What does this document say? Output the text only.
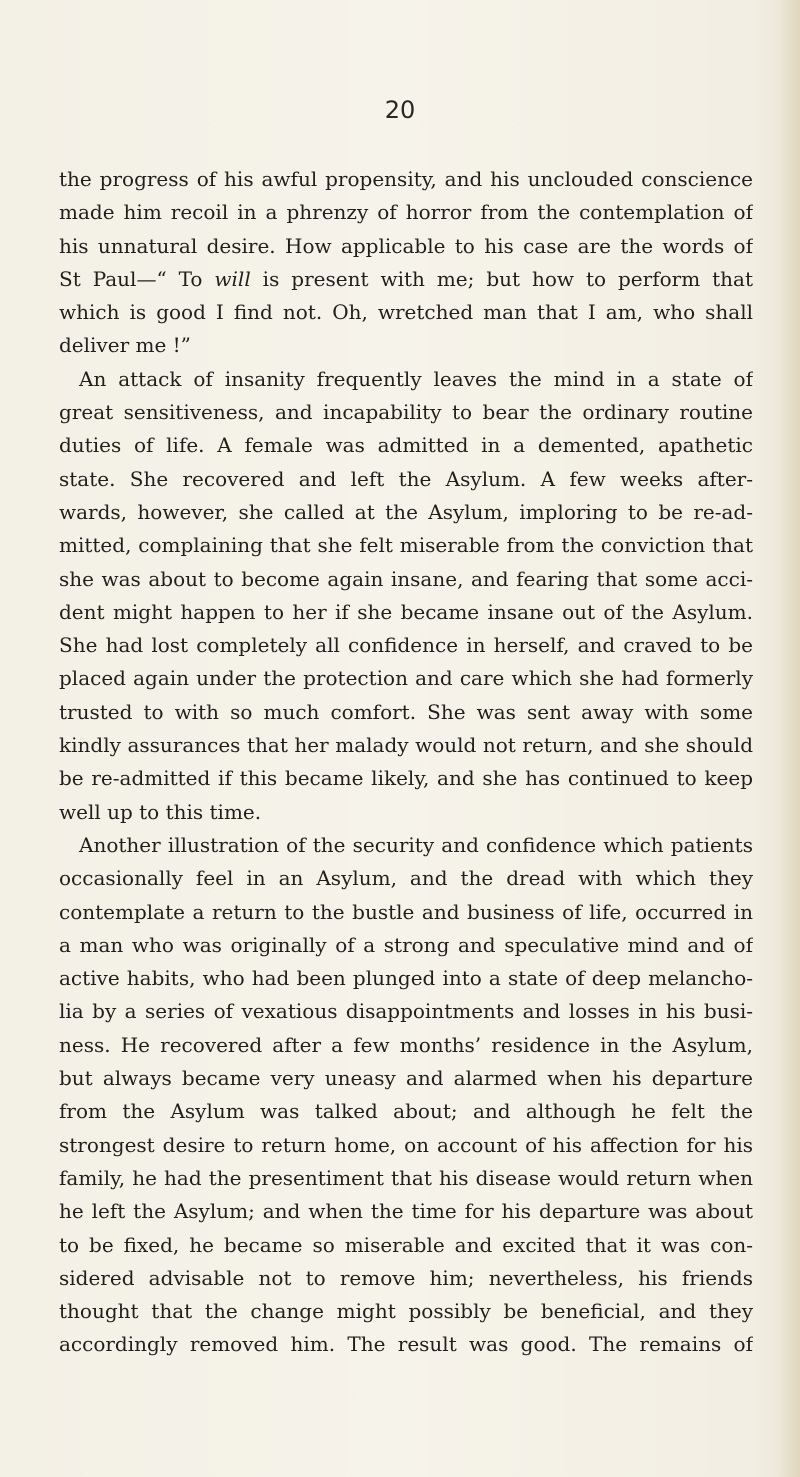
20
the progress of his awful propensity, and his unclouded conscience
made him recoil in a phrenzy of horror from the contemplation of
his unnatural desire. How applicable to his case are the words of
St Paul—“ To will is present with me; but how to perform that
which is good I find not. Oh, wretched man that I am, who shall
deliver me !”
An attack of insanity frequently leaves the mind in a state of
great sensitiveness, and incapability to bear the ordinary routine
duties of life. A female was admitted in a demented, apathetic
state. She recovered and left the Asylum. A few weeks after-
wards, however, she called at the Asylum, imploring to be re-ad-
mitted, complaining that she felt miserable from the conviction that
she was about to become again insane, and fearing that some acci-
dent might happen to her if she became insane out of the Asylum.
She had lost completely all confidence in herself, and craved to be
placed again under the protection and care which she had formerly
trusted to with so much comfort. She was sent away with some
kindly assurances that her malady would not return, and she should
be re-admitted if this became likely, and she has continued to keep
well up to this time.
Another illustration of the security and confidence which patients
occasionally feel in an Asylum, and the dread with which they
contemplate a return to the bustle and business of life, occurred in
a man who was originally of a strong and speculative mind and of
active habits, who had been plunged into a state of deep melancho-
lia by a series of vexatious disappointments and losses in his busi-
ness. He recovered after a few months’ residence in the Asylum,
but always became very uneasy and alarmed when his departure
from the Asylum was talked about; and although he felt the
strongest desire to return home, on account of his affection for his
family, he had the presentiment that his disease would return when
he left the Asylum; and when the time for his departure was about
to be fixed, he became so miserable and excited that it was con-
sidered advisable not to remove him; nevertheless, his friends
thought that the change might possibly be beneficial, and they
accordingly removed him. The result was good. The remains of
